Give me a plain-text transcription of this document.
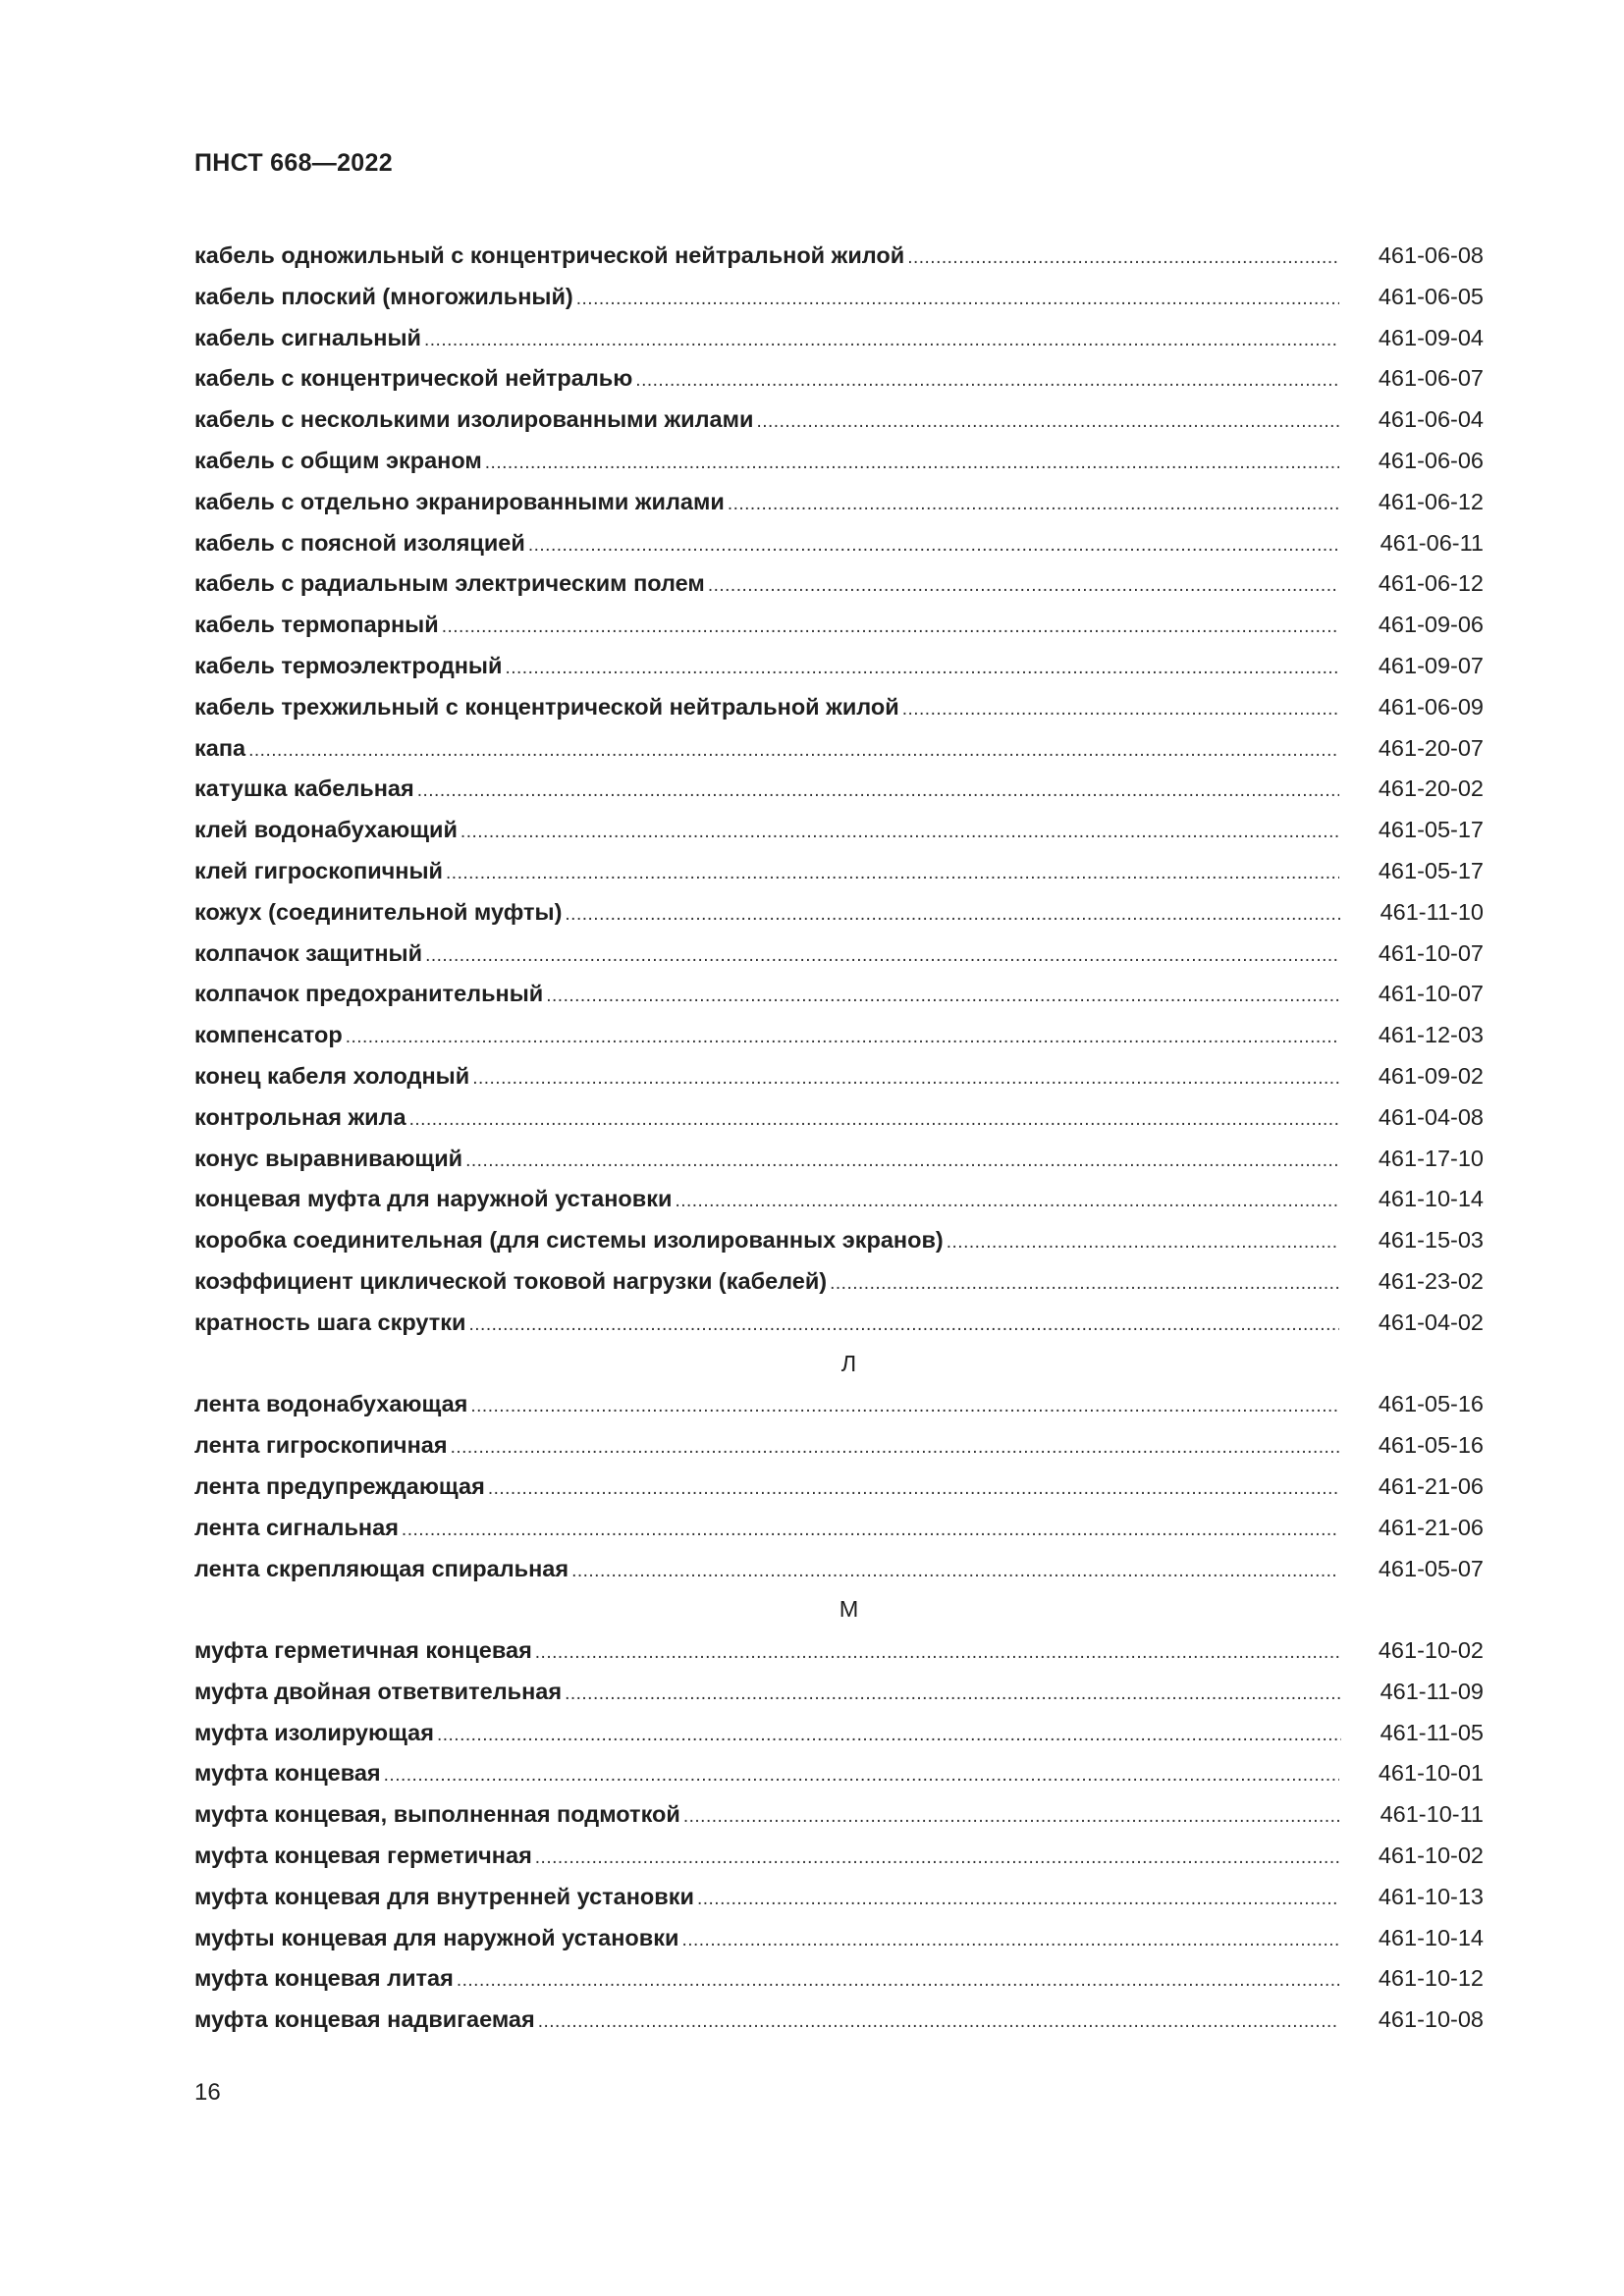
ПНСТ 668—2022
кабель одножильный с концентрической нейтральной жилой .....	461-06-08
кабель плоский (многожильный) .....	461-06-05
кабель сигнальный .....	461-09-04
кабель с концентрической нейтралью .....	461-06-07
кабель с несколькими изолированными жилами .....	461-06-04
кабель с общим экраном .....	461-06-06
кабель с отдельно экранированными жилами .....	461-06-12
кабель с поясной изоляцией .....	461-06-11
кабель с радиальным электрическим полем .....	461-06-12
кабель термопарный .....	461-09-06
кабель термоэлектродный .....	461-09-07
кабель трехжильный с концентрической нейтральной жилой .....	461-06-09
капа .....	461-20-07
катушка кабельная .....	461-20-02
клей водонабухающий .....	461-05-17
клей гигроскопичный .....	461-05-17
кожух (соединительной муфты) .....	461-11-10
колпачок защитный .....	461-10-07
колпачок предохранительный .....	461-10-07
компенсатор .....	461-12-03
конец кабеля холодный .....	461-09-02
контрольная жила .....	461-04-08
конус выравнивающий .....	461-17-10
концевая муфта для наружной установки .....	461-10-14
коробка соединительная (для системы изолированных экранов) .....	461-15-03
коэффициент циклической токовой нагрузки (кабелей) .....	461-23-02
кратность шага скрутки .....	461-04-02
Л
лента водонабухающая .....	461-05-16
лента гигроскопичная .....	461-05-16
лента предупреждающая .....	461-21-06
лента сигнальная .....	461-21-06
лента скрепляющая спиральная .....	461-05-07
М
муфта герметичная концевая .....	461-10-02
муфта двойная ответвительная .....	461-11-09
муфта изолирующая .....	461-11-05
муфта концевая .....	461-10-01
муфта концевая, выполненная подмоткой .....	461-10-11
муфта концевая герметичная .....	461-10-02
муфта концевая для внутренней установки .....	461-10-13
муфты концевая для наружной установки .....	461-10-14
муфта концевая литая .....	461-10-12
муфта концевая надвигаемая .....	461-10-08
16
